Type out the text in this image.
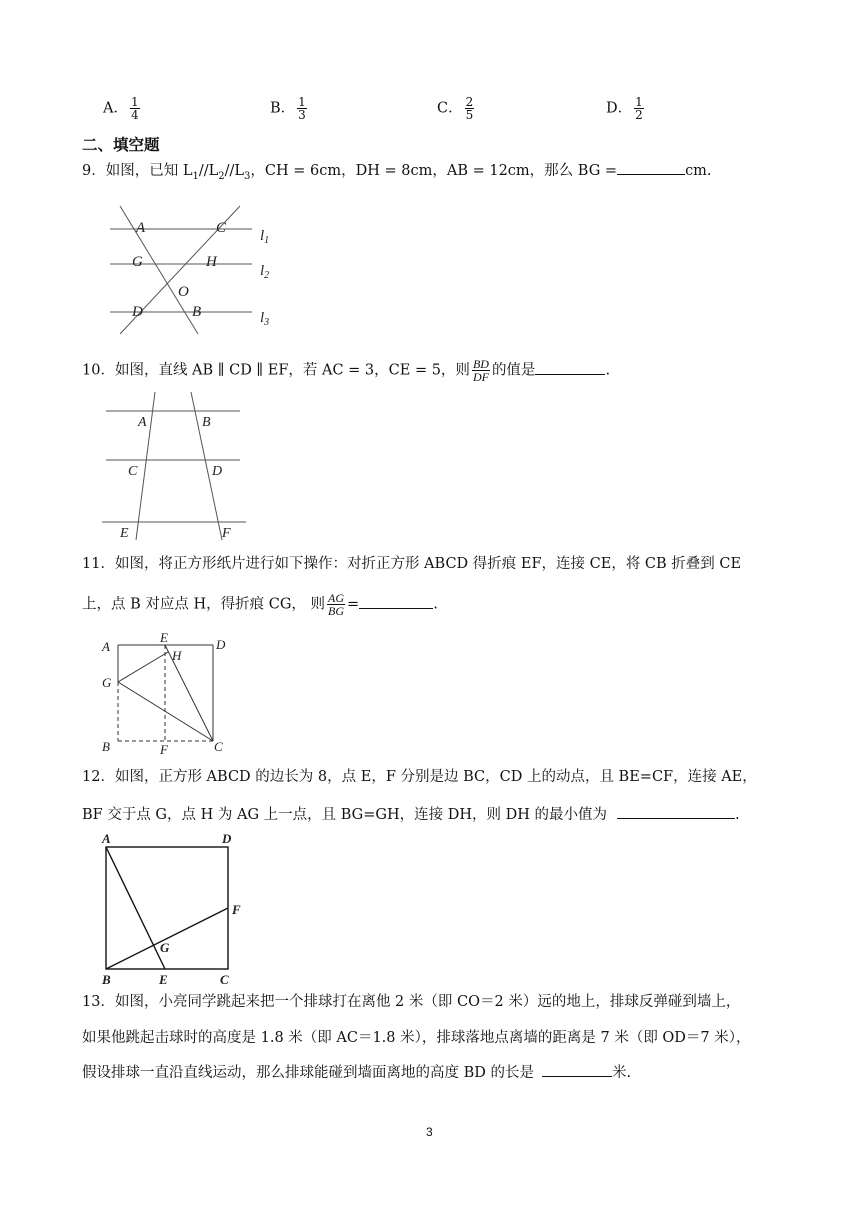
A． $\frac{1}{4}$	B． $\frac{1}{3}$	C． $\frac{2}{5}$	D． $\frac{1}{2}$
二、填空题
9．如图，已知 $L_1//L_2//L_3$，CH = 6cm，DH = 8cm，AB = 12cm，那么 BG =	cm.
A	C
G	H
O
D	B
$l_1$
$l_2$
$l_3$
10．如图，直线 AB ∥ CD ∥ EF，若 AC = 3，CE = 5，则 $\frac{BD}{DF}$ 的值是	.
A	B
C	D
E	F
11．如图，将正方形纸片进行如下操作：对折正方形 ABCD 得折痕 EF，连接 CE，将 CB 折叠到 CE
上，点 B 对应点 H，得折痕 CG， 则 $\frac{AG}{BG}$ =	.
A
E	D
H
G
B	F	C
12．如图，正方形 ABCD 的边长为 8，点 E，F 分别是边 BC，CD 上的动点，且 BE=CF，连接 AE，
BF 交于点 G，点 H 为 AG 上一点，且 BG=GH，连接 DH，则 DH 的最小值为	.
A	D
F
G
B	E	C
13．如图，小亮同学跳起来把一个排球打在离他 2 米（即 CO＝2 米）远的地上，排球反弹碰到墙上，
如果他跳起击球时的高度是 1.8 米（即 AC＝1.8 米），排球落地点离墙的距离是 7 米（即 OD＝7 米），
假设排球一直沿直线运动，那么排球能碰到墙面离地的高度 BD 的长是	米.
3
